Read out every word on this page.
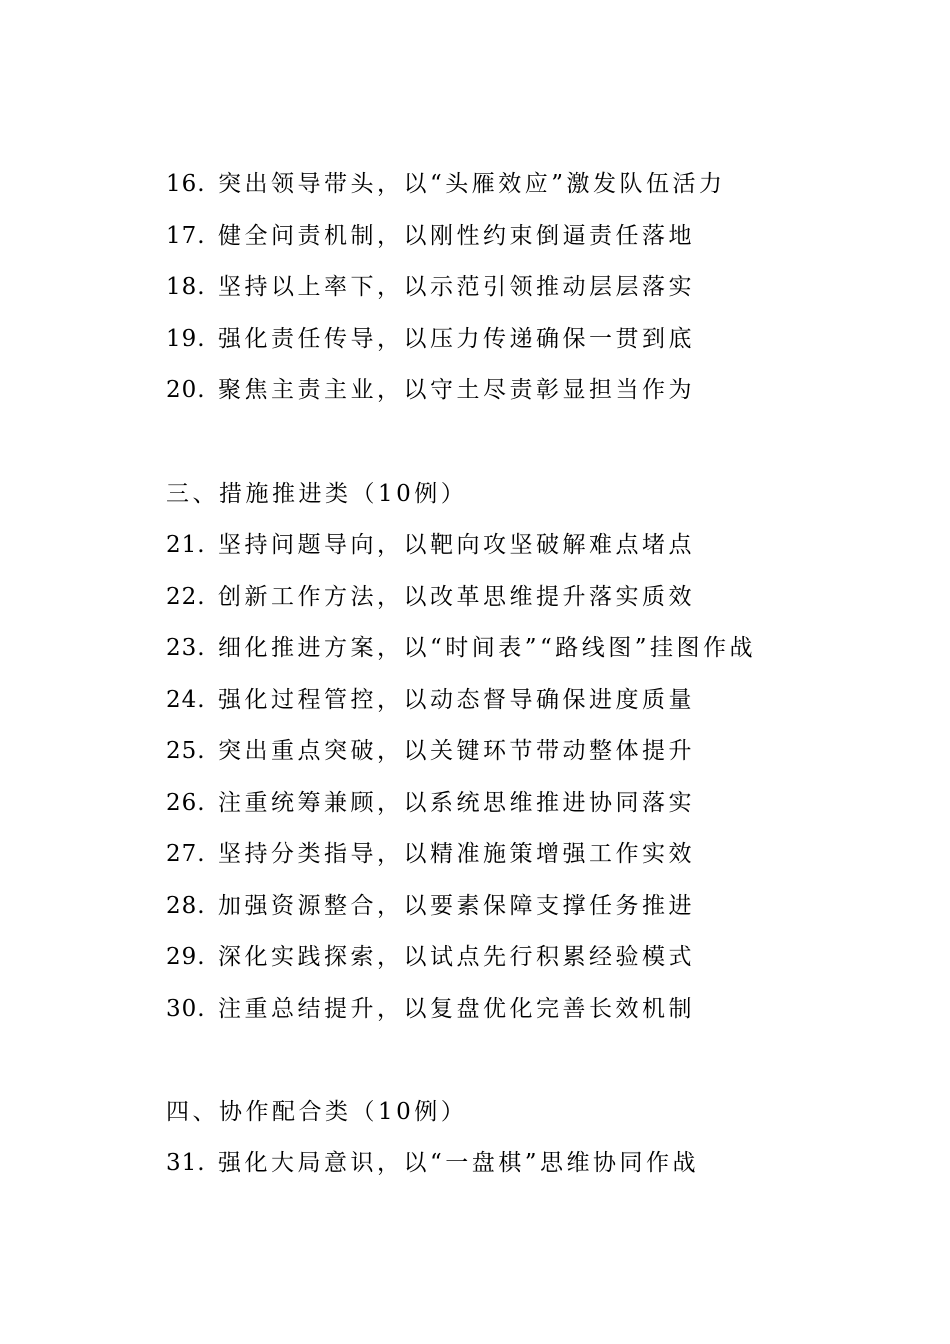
16. 突出领导带头，以“头雁效应”激发队伍活力
17. 健全问责机制，以刚性约束倒逼责任落地
18. 坚持以上率下，以示范引领推动层层落实
19. 强化责任传导，以压力传递确保一贯到底
20. 聚焦主责主业，以守土尽责彰显担当作为
三、措施推进类（10例）
21. 坚持问题导向，以靶向攻坚破解难点堵点
22. 创新工作方法，以改革思维提升落实质效
23. 细化推进方案，以“时间表”“路线图”挂图作战
24. 强化过程管控，以动态督导确保进度质量
25. 突出重点突破，以关键环节带动整体提升
26. 注重统筹兼顾，以系统思维推进协同落实
27. 坚持分类指导，以精准施策增强工作实效
28. 加强资源整合，以要素保障支撑任务推进
29. 深化实践探索，以试点先行积累经验模式
30. 注重总结提升，以复盘优化完善长效机制
四、协作配合类（10例）
31. 强化大局意识，以“一盘棋”思维协同作战
